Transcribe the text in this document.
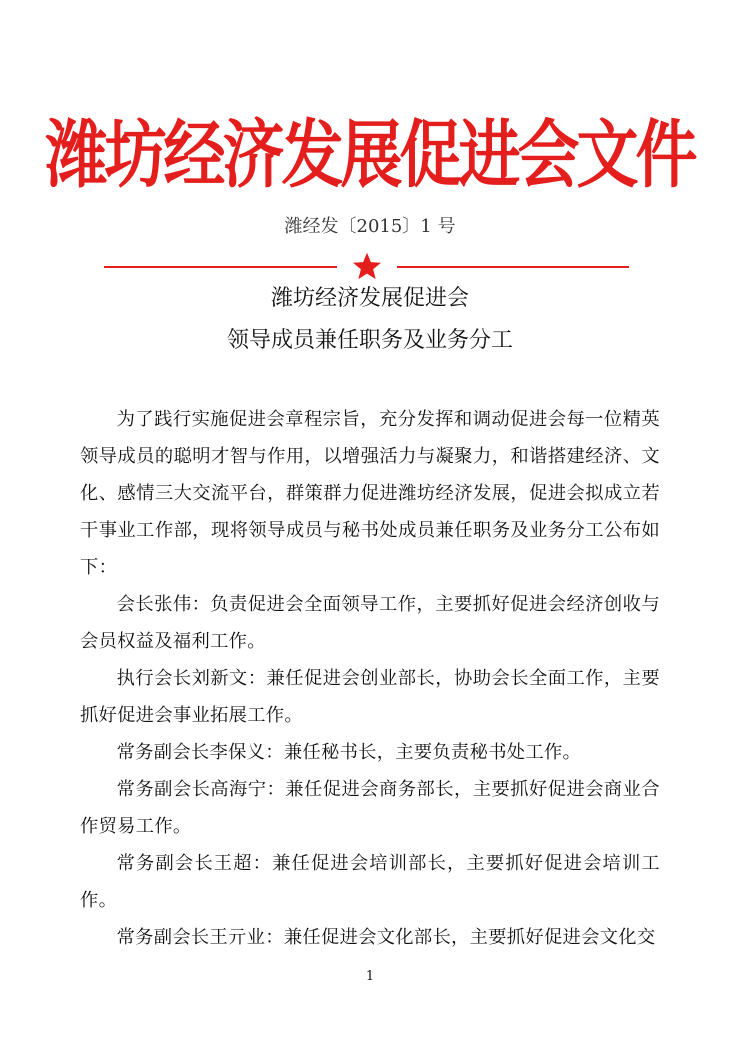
潍坊经济发展促进会文件
潍经发〔2015〕1 号
潍坊经济发展促进会
领导成员兼任职务及业务分工

为了践行实施促进会章程宗旨，充分发挥和调动促进会每一位精英领导成员的聪明才智与作用，以增强活力与凝聚力，和谐搭建经济、文化、感情三大交流平台，群策群力促进潍坊经济发展，促进会拟成立若干事业工作部，现将领导成员与秘书处成员兼任职务及业务分工公布如下：

会长张伟：负责促进会全面领导工作，主要抓好促进会经济创收与会员权益及福利工作。

执行会长刘新文：兼任促进会创业部长，协助会长全面工作，主要抓好促进会事业拓展工作。

常务副会长李保义：兼任秘书长，主要负责秘书处工作。

常务副会长高海宁：兼任促进会商务部长，主要抓好促进会商业合作贸易工作。

常务副会长王超：兼任促进会培训部长，主要抓好促进会培训工作。

常务副会长王亓业：兼任促进会文化部长，主要抓好促进会文化交

1
